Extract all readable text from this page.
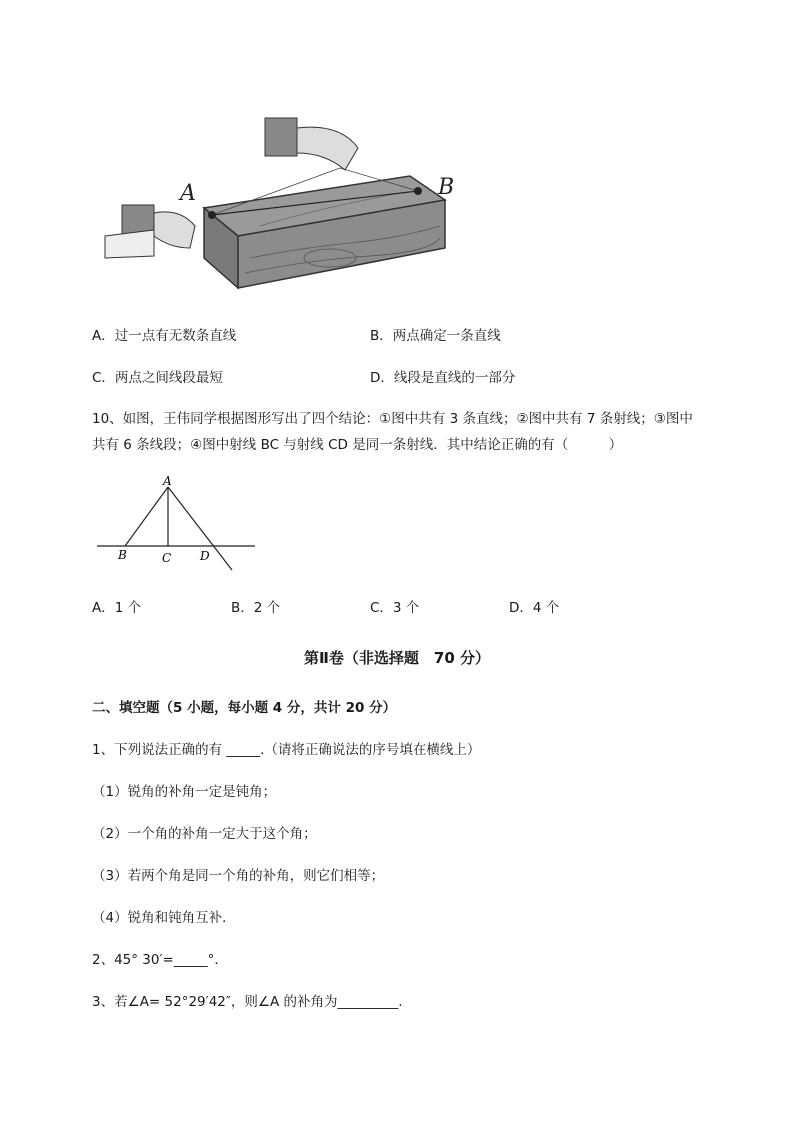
A	B
A．过一点有无数条直线	B．两点确定一条直线
C．两点之间线段最短	D．线段是直线的一部分
10、如图，王伟同学根据图形写出了四个结论：①图中共有 3 条直线；②图中共有 7 条射线；③图中
共有 6 条线段；④图中射线 BC 与射线 CD 是同一条射线．其中结论正确的有（　　　）
A
B	C D
A．1 个	B．2 个	C．3 个	D．4 个
第Ⅱ卷（非选择题　70 分）
二、填空题（5 小题，每小题 4 分，共计 20 分）
1、下列说法正确的有 _____.（请将正确说法的序号填在横线上）
（1）锐角的补角一定是钝角；
（2）一个角的补角一定大于这个角；
（3）若两个角是同一个角的补角，则它们相等；
（4）锐角和钝角互补．
2、45° 30′=_____°．
3、若∠A= 52°29′42″，则∠A 的补角为_________.
